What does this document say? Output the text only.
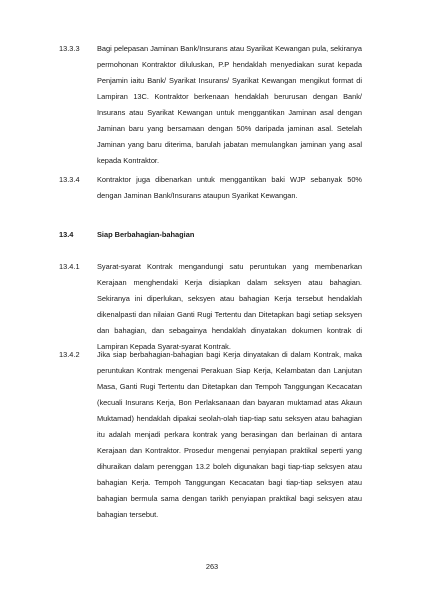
13.3.3 Bagi pelepasan Jaminan Bank/Insurans atau Syarikat Kewangan pula, sekiranya permohonan Kontraktor diluluskan, P.P hendaklah menyediakan surat kepada Penjamin iaitu Bank/ Syarikat Insurans/ Syarikat Kewangan mengikut format di Lampiran 13C. Kontraktor berkenaan hendaklah berurusan dengan Bank/ Insurans atau Syarikat Kewangan untuk menggantikan Jaminan asal dengan Jaminan baru yang bersamaan dengan 50% daripada jaminan asal. Setelah Jaminan yang baru diterima, barulah jabatan memulangkan jaminan yang asal kepada Kontraktor.
13.3.4 Kontraktor juga dibenarkan untuk menggantikan baki WJP sebanyak 50% dengan Jaminan Bank/Insurans ataupun Syarikat Kewangan.
13.4	Siap Berbahagian-bahagian
13.4.1 Syarat-syarat Kontrak mengandungi satu peruntukan yang membenarkan Kerajaan menghendaki Kerja disiapkan dalam seksyen atau bahagian. Sekiranya ini diperlukan, seksyen atau bahagian Kerja tersebut hendaklah dikenalpasti dan nilaian Ganti Rugi Tertentu dan Ditetapkan bagi setiap seksyen dan bahagian, dan sebagainya hendaklah dinyatakan dokumen kontrak di Lampiran Kepada Syarat-syarat Kontrak.
13.4.2 Jika siap berbahagian-bahagian bagi Kerja dinyatakan di dalam Kontrak, maka peruntukan Kontrak mengenai Perakuan Siap Kerja, Kelambatan dan Lanjutan Masa, Ganti Rugi Tertentu dan Ditetapkan dan Tempoh Tanggungan Kecacatan (kecuali Insurans Kerja, Bon Perlaksanaan dan bayaran muktamad atas Akaun Muktamad) hendaklah dipakai seolah-olah tiap-tiap satu seksyen atau bahagian itu adalah menjadi perkara kontrak yang berasingan dan berlainan di antara Kerajaan dan Kontraktor. Prosedur mengenai penyiapan praktikal seperti yang dihuraikan dalam perenggan 13.2 boleh digunakan bagi tiap-tiap seksyen atau bahagian Kerja. Tempoh Tanggungan Kecacatan bagi tiap-tiap seksyen atau bahagian bermula sama dengan tarikh penyiapan praktikal bagi seksyen atau bahagian tersebut.
263
